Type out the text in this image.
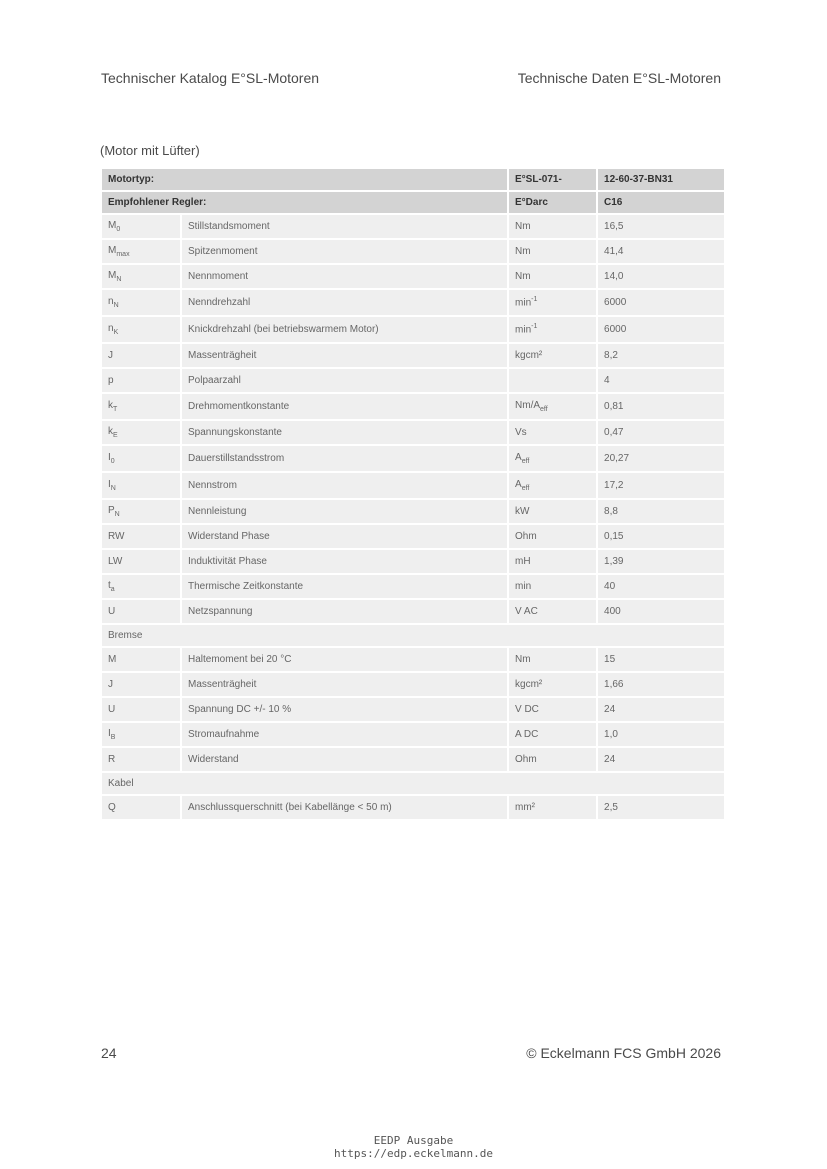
Technischer Katalog E°SL-Motoren	Technische Daten E°SL-Motoren
(Motor mit Lüfter)
Motortyp:		E°SL-071-	12-60-37-BN31
Empfohlener Regler:		E°Darc	C16
$M_0$	Stillstandsmoment	Nm	16,5
$M_{max}$	Spitzenmoment	Nm	41,4
$M_N$	Nennmoment	Nm	14,0
$n_N$	Nenndrehzahl	$\min^{-1}$	6000
$n_K$	Knickdrehzahl (bei betriebswarmem Motor)	$\min^{-1}$	6000
J	Massenträgheit	kgcm²	8,2
p	Polpaarzahl		4
$k_T$	Drehmomentkonstante	$Nm/A_{eff}$	0,81
$k_E$	Spannungskonstante	Vs	0,47
$I_0$	Dauerstillstandsstrom	$A_{eff}$	20,27
$I_N$	Nennstrom	$A_{eff}$	17,2
$P_N$	Nennleistung	kW	8,8
RW	Widerstand Phase	Ohm	0,15
LW	Induktivität Phase	mH	1,39
$t_a$	Thermische Zeitkonstante	min	40
U	Netzspannung	V AC	400
Bremse			
M	Haltemoment bei 20 °C	Nm	15
J	Massenträgheit	kgcm²	1,66
U	Spannung DC +/- 10 %	V DC	24
$I_B$	Stromaufnahme	A DC	1,0
R	Widerstand	Ohm	24
Kabel			
Q	Anschlussquerschnitt (bei Kabellänge < 50 m)	mm²	2,5
24	© Eckelmann FCS GmbH 2026
EEDP Ausgabe
https://edp.eckelmann.de
